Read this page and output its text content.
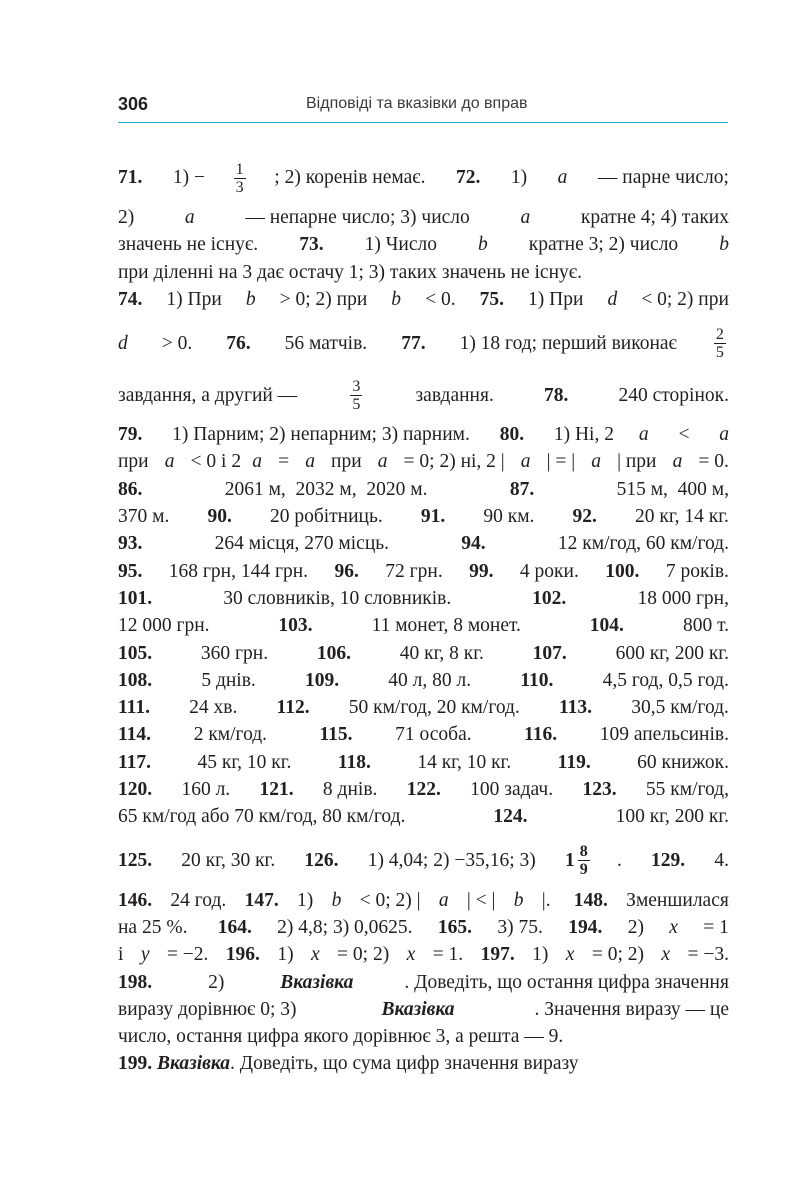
306	Відповіді та вказівки до вправ
71. $1) - \frac{1}{3}$ ; 2) коренів немає. 72. 1) a — парне число;
2) a — непарне число; 3) число a кратне 4; 4) таких
значень не існує. 73. 1) Число b кратне 3; 2) число b
при діленні на 3 дає остачу 1; 3) таких значень не існує.
74. 1) При b > 0; 2) при b < 0. 75. 1) При d < 0; 2) при
d > 0. 76. 56 матчів. 77. 1) 18 год; перший виконає $\frac{2}{5}$
завдання, а другий —	$\frac{3}{5}$ завдання. 78. 240 сторінок.
79. 1) Парним; 2) непарним; 3) парним. 80. 1) Ні, 2 a < a
при a < 0 і 2 a = a при a = 0; 2) ні, 2 | a | = | a | при a = 0.
86.	2061 м,  2032 м,  2020 м.	87.	515 м,  400 м,
370 м. 90. 20 робітниць. 91. 90 км. 92. 20 кг, 14 кг.
93.	264 місця, 270 місць.	94.	12 км/год, 60 км/год.
95. 168 грн, 144 грн. 96. 72 грн. 99. 4 роки. 100. 7 років.
101.	30 словників, 10 словників.	102.	18 000 грн,
12 000 грн.	103.	11 монет, 8 монет.	104.	800 т.
105. 360 грн. 106. 40 кг, 8 кг. 107. 600 кг, 200 кг.
108. 5 днів. 109. 40 л, 80 л. 110. 4,5 год, 0,5 год.
111. 24 хв. 112. 50 км/год, 20 км/год. 113. 30,5 км/год.
114. 2 км/год. 115. 71 особа. 116. 109 апельсинів.
117. 45 кг, 10 кг. 118. 14 кг, 10 кг. 119. 60 книжок.
120. 160 л. 121. 8 днів. 122. 100 задач. 123. 55 км/год,
65 км/год або 70 км/год, 80 км/год.	124.	100 кг, 200 кг.
125. 20 кг, 30 кг. 126. 1) 4,04; 2) −35,16; 3) $1 \frac{8}{9}$ . 129. 4.
146. 24 год. 147. 1) b < 0; 2) | a | < | b |. 148. Зменшилася
на 25 %. 164. 2) 4,8; 3) 0,0625. 165. 3) 75. 194. 2) x = 1
і y = −2. 196. 1) x = 0; 2) x = 1. 197. 1) x = 0; 2) x = −3.
198.	2)	Вказівка	. Доведіть, що остання цифра значення
виразу дорівнює 0; 3)	Вказівка	. Значення виразу — це
число, остання цифра якого дорівнює 3, а решта — 9.
199.
Вказівка . Доведіть, що сума цифр значення виразу
